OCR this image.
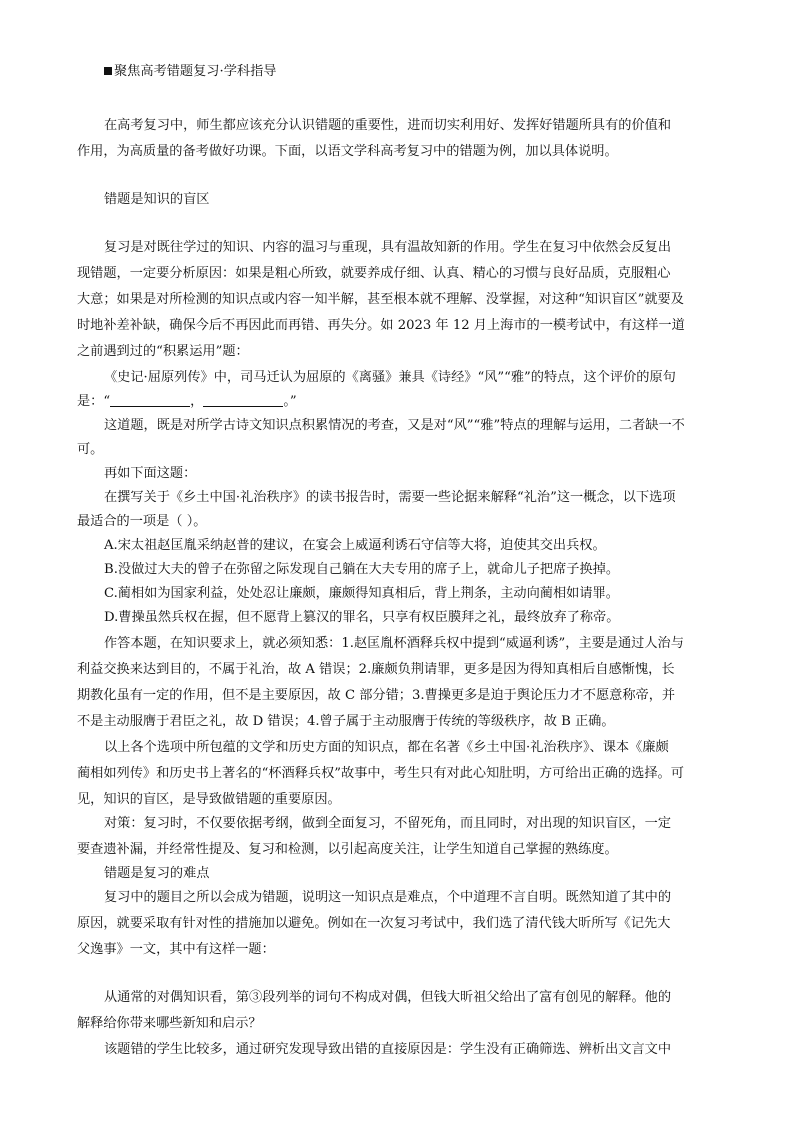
聚焦高考错题复习·学科指导
在高考复习中，师生都应该充分认识错题的重要性，进而切实利用好、发挥好错题所具有的价值和
作用，为高质量的备考做好功课。下面，以语文学科高考复习中的错题为例，加以具体说明。
错题是知识的盲区
复习是对既往学过的知识、内容的温习与重现，具有温故知新的作用。学生在复习中依然会反复出
现错题，一定要分析原因：如果是粗心所致，就要养成仔细、认真、精心的习惯与良好品质，克服粗心
大意；如果是对所检测的知识点或内容一知半解，甚至根本就不理解、没掌握，对这种“知识盲区”就要及
时地补差补缺，确保今后不再因此而再错、再失分。如 2023 年 12 月上海市的一模考试中，有这样一道
之前遇到过的“积累运用”题：
《史记·屈原列传》中，司马迁认为屈原的《离骚》兼具《诗经》“风”“雅”的特点，这个评价的原句
是：“	，	。”
这道题，既是对所学古诗文知识点积累情况的考查，又是对“风”“雅”特点的理解与运用，二者缺一不
可。
再如下面这题：
在撰写关于《乡土中国·礼治秩序》的读书报告时，需要一些论据来解释“礼治”这一概念，以下选项
最适合的一项是（ ）。
A.宋太祖赵匡胤采纳赵普的建议，在宴会上威逼利诱石守信等大将，迫使其交出兵权。
B.没做过大夫的曾子在弥留之际发现自己躺在大夫专用的席子上，就命儿子把席子换掉。
C.蔺相如为国家利益，处处忍让廉颇，廉颇得知真相后，背上荆条，主动向蔺相如请罪。
D.曹操虽然兵权在握，但不愿背上篡汉的罪名，只享有权臣膜拜之礼，最终放弃了称帝。
作答本题，在知识要求上，就必须知悉：1.赵匡胤杯酒释兵权中提到“威逼利诱”，主要是通过人治与
利益交换来达到目的，不属于礼治，故 A 错误；2.廉颇负荆请罪，更多是因为得知真相后自感惭愧，长
期教化虽有一定的作用，但不是主要原因，故 C 部分错；3.曹操更多是迫于舆论压力才不愿意称帝，并
不是主动服膺于君臣之礼，故 D 错误；4.曾子属于主动服膺于传统的等级秩序，故 B 正确。
以上各个选项中所包蕴的文学和历史方面的知识点，都在名著《乡土中国·礼治秩序》、课本《廉颇
蔺相如列传》和历史书上著名的“杯酒释兵权”故事中，考生只有对此心知肚明，方可给出正确的选择。可
见，知识的盲区，是导致做错题的重要原因。
对策：复习时，不仅要依据考纲，做到全面复习，不留死角，而且同时，对出现的知识盲区，一定
要查遗补漏，并经常性提及、复习和检测，以引起高度关注，让学生知道自己掌握的熟练度。
错题是复习的难点
复习中的题目之所以会成为错题，说明这一知识点是难点，个中道理不言自明。既然知道了其中的
原因，就要采取有针对性的措施加以避免。例如在一次复习考试中，我们选了清代钱大昕所写《记先大
父逸事》一文，其中有这样一题：
从通常的对偶知识看，第③段列举的词句不构成对偶，但钱大昕祖父给出了富有创见的解释。他的
解释给你带来哪些新知和启示？
该题错的学生比较多，通过研究发现导致出错的直接原因是：学生没有正确筛选、辨析出文言文中
